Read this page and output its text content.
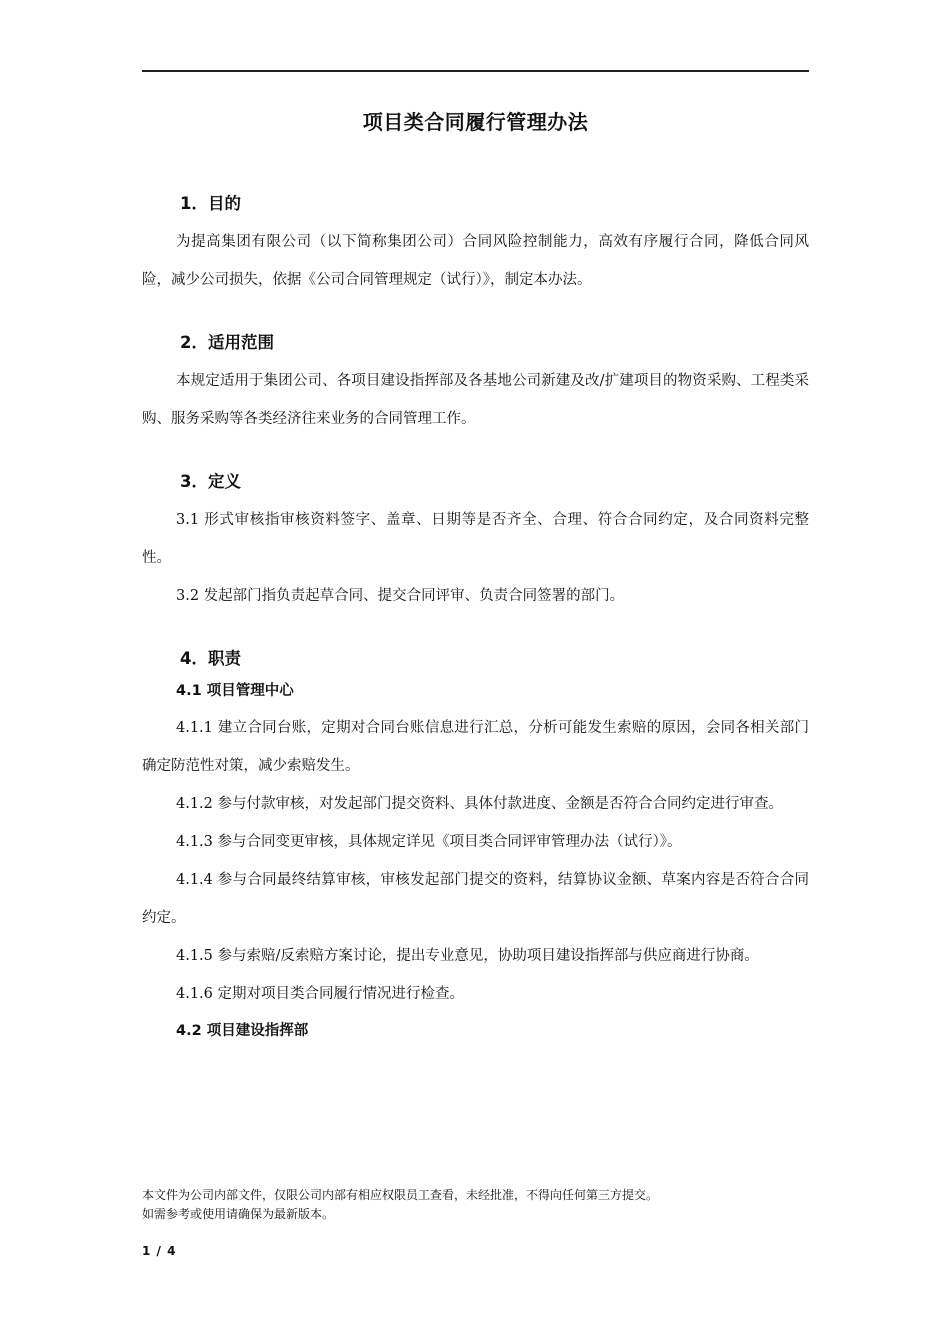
项目类合同履行管理办法
1．目的

为提高集团有限公司（以下简称集团公司）合同风险控制能力，高效有序履行合同，降低合同风险，减少公司损失，依据《公司合同管理规定（试行）》，制定本办法。

2．适用范围

本规定适用于集团公司、各项目建设指挥部及各基地公司新建及改/扩建项目的物资采购、工程类采购、服务采购等各类经济往来业务的合同管理工作。

3．定义

3.1 形式审核指审核资料签字、盖章、日期等是否齐全、合理、符合合同约定，及合同资料完整性。

3.2 发起部门指负责起草合同、提交合同评审、负责合同签署的部门。

4．职责
4.1 项目管理中心

4.1.1 建立合同台账，定期对合同台账信息进行汇总，分析可能发生索赔的原因，会同各相关部门确定防范性对策，减少索赔发生。

4.1.2 参与付款审核，对发起部门提交资料、具体付款进度、金额是否符合合同约定进行审查。

4.1.3 参与合同变更审核，具体规定详见《项目类合同评审管理办法（试行）》。

4.1.4 参与合同最终结算审核，审核发起部门提交的资料，结算协议金额、草案内容是否符合合同约定。

4.1.5 参与索赔/反索赔方案讨论，提出专业意见，协助项目建设指挥部与供应商进行协商。

4.1.6 定期对项目类合同履行情况进行检查。

4.2 项目建设指挥部
本文件为公司内部文件，仅限公司内部有相应权限员工查看，未经批准，不得向任何第三方提交。
如需参考或使用请确保为最新版本。
1 / 4
